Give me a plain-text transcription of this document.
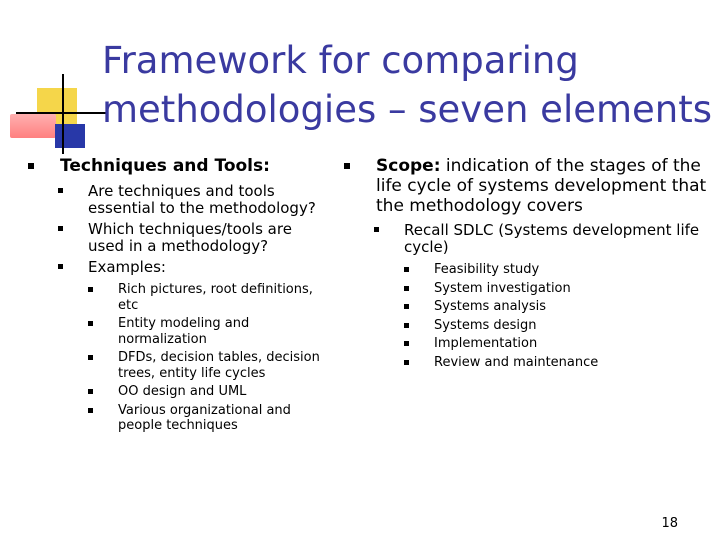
Framework for comparing
methodologies – seven elements
Techniques and Tools:
Are techniques and tools essential to the methodology?
Which techniques/tools are used in a methodology?
Examples:
Rich pictures, root definitions, etc
Entity modeling and normalization
DFDs, decision tables, decision trees, entity life cycles
OO design and UML
Various organizational and people techniques
Scope: indication of the stages of the life cycle of systems development that the methodology covers
Recall SDLC (Systems development life cycle)
Feasibility study
System investigation
Systems analysis
Systems design
Implementation
Review and maintenance
18
